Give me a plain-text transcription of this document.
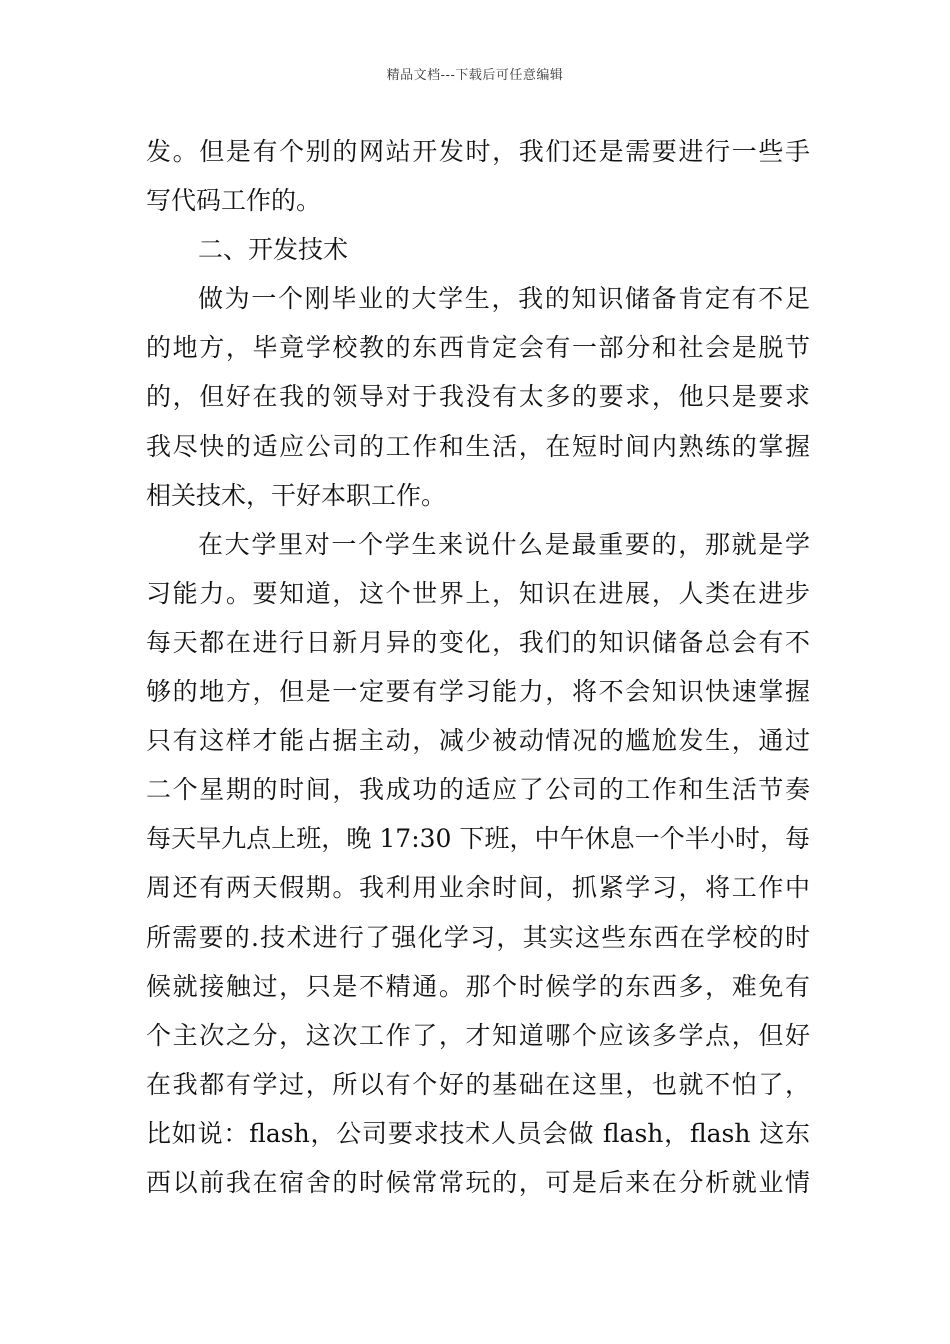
精品文档---下载后可任意编辑
发。但是有个别的网站开发时，我们还是需要进行一些手
写代码工作的。
二、开发技术
做为一个刚毕业的大学生，我的知识储备肯定有不足
的地方，毕竟学校教的东西肯定会有一部分和社会是脱节
的，但好在我的领导对于我没有太多的要求，他只是要求
我尽快的适应公司的工作和生活，在短时间内熟练的掌握
相关技术，干好本职工作。
在大学里对一个学生来说什么是最重要的，那就是学
习能力。要知道，这个世界上，知识在进展，人类在进步
每天都在进行日新月异的变化，我们的知识储备总会有不
够的地方，但是一定要有学习能力，将不会知识快速掌握
只有这样才能占据主动，减少被动情况的尴尬发生，通过
二个星期的时间，我成功的适应了公司的工作和生活节奏
每天早九点上班，晚 17:30 下班，中午休息一个半小时，每
周还有两天假期。我利用业余时间，抓紧学习，将工作中
所需要的.技术进行了强化学习，其实这些东西在学校的时
候就接触过，只是不精通。那个时候学的东西多，难免有
个主次之分，这次工作了，才知道哪个应该多学点，但好
在我都有学过，所以有个好的基础在这里，也就不怕了，
比如说：flash，公司要求技术人员会做 flash，flash 这东
西以前我在宿舍的时候常常玩的，可是后来在分析就业情
